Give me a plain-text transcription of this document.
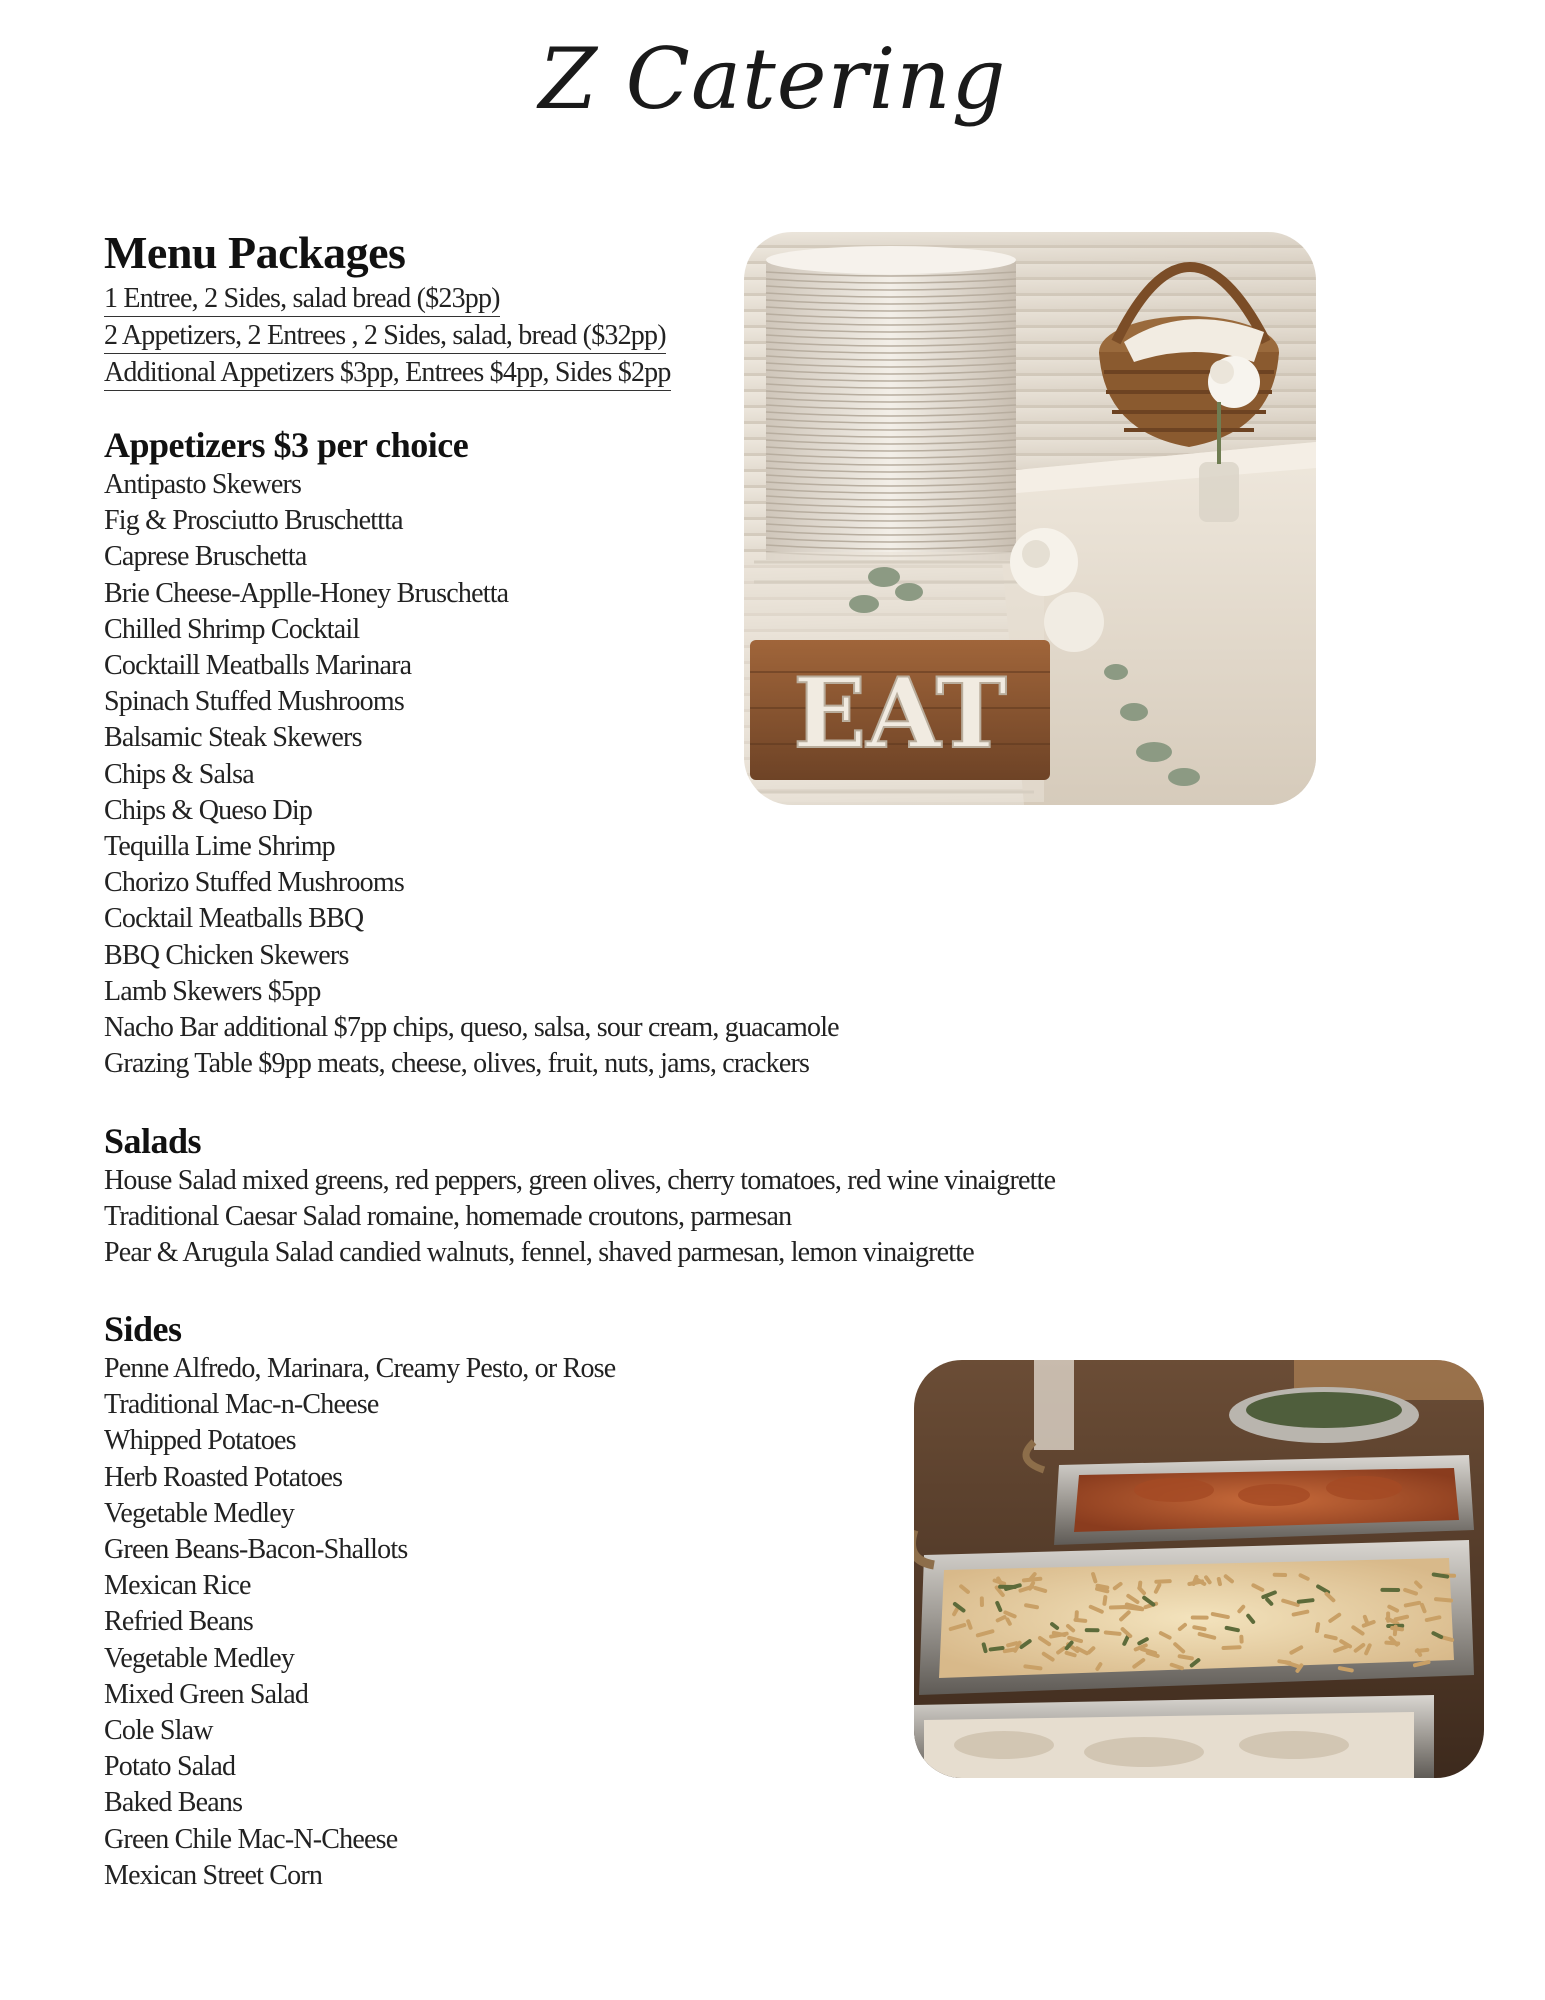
Z Catering
Menu Packages
1 Entree, 2 Sides, salad bread ($23pp)
2 Appetizers, 2 Entrees , 2 Sides, salad, bread ($32pp)
Additional Appetizers $3pp, Entrees $4pp, Sides $2pp
Appetizers $3 per choice
Antipasto Skewers
Fig & Prosciutto Bruschettta
Caprese Bruschetta
Brie Cheese-Applle-Honey Bruschetta
Chilled Shrimp Cocktail
Cocktaill Meatballs Marinara
Spinach Stuffed Mushrooms
Balsamic Steak Skewers
Chips & Salsa
Chips & Queso Dip
Tequilla Lime Shrimp
Chorizo Stuffed Mushrooms
Cocktail Meatballs BBQ
BBQ Chicken Skewers
Lamb Skewers $5pp
Nacho Bar additional $7pp chips, queso, salsa, sour cream, guacamole
Grazing Table $9pp meats, cheese, olives, fruit, nuts, jams, crackers
Salads
House Salad mixed greens, red peppers, green olives, cherry tomatoes, red wine vinaigrette
Traditional Caesar Salad romaine, homemade croutons, parmesan
Pear & Arugula Salad candied walnuts, fennel, shaved parmesan, lemon vinaigrette
Sides
Penne Alfredo, Marinara, Creamy Pesto, or Rose
Traditional Mac-n-Cheese
Whipped Potatoes
Herb Roasted Potatoes
Vegetable Medley
Green Beans-Bacon-Shallots
Mexican Rice
Refried Beans
Vegetable Medley
Mixed Green Salad
Cole Slaw
Potato Salad
Baked Beans
Green Chile Mac-N-Cheese
Mexican Street Corn
EAT
